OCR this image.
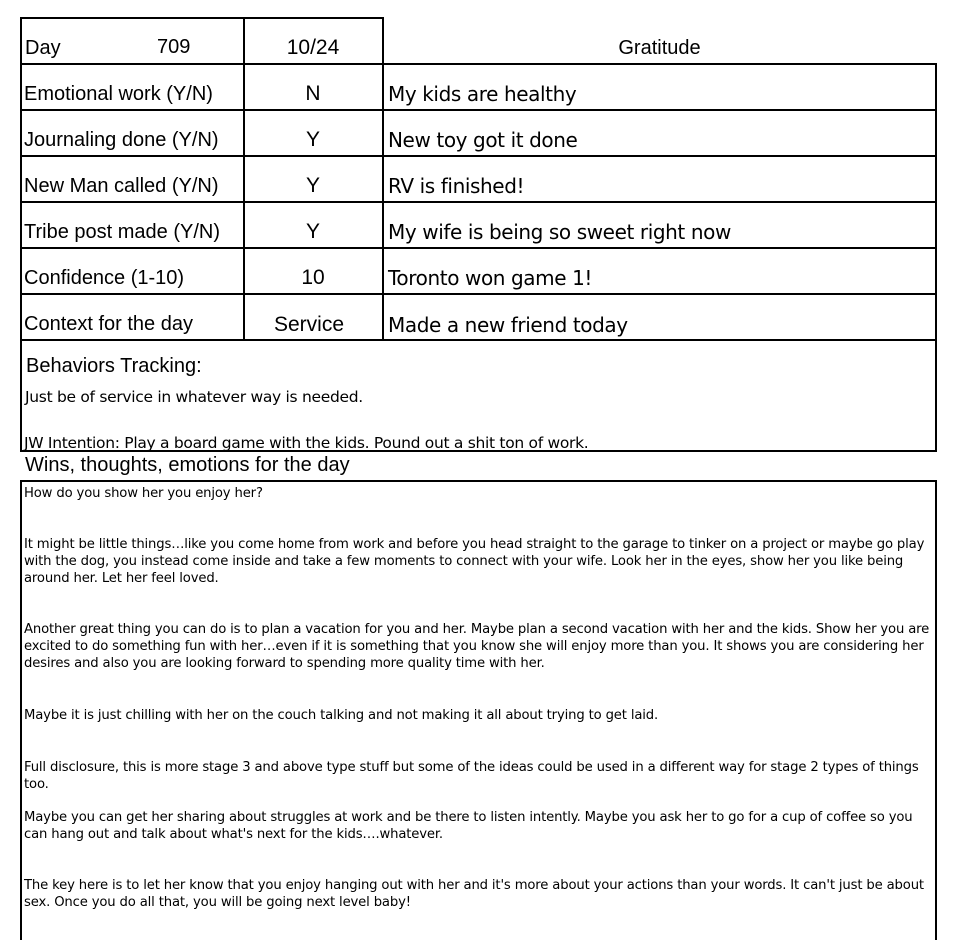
Day	709	10/24	Gratitude
Emotional work (Y/N)	N	My kids are healthy
Journaling done (Y/N)	Y	New toy got it done
New Man called (Y/N)	Y	RV is finished!
Tribe post made (Y/N)	Y	My wife is being so sweet right now
Confidence (1-10)	10	Toronto won game 1!
Context for the day	Service	Made a new friend today
Behaviors Tracking:
Just be of service in whatever way is needed.
JW Intention: Play a board game with the kids. Pound out a shit ton of work.
Wins, thoughts, emotions for the day
How do you show her you enjoy her?
It might be little things…like you come home from work and before you head straight to the garage to tinker on a project or maybe go play with the dog, you instead come inside and take a few moments to connect with your wife. Look her in the eyes, show her you like being around her. Let her feel loved.
Another great thing you can do is to plan a vacation for you and her. Maybe plan a second vacation with her and the kids. Show her you are excited to do something fun with her…even if it is something that you know she will enjoy more than you. It shows you are considering her desires and also you are looking forward to spending more quality time with her.
Maybe it is just chilling with her on the couch talking and not making it all about trying to get laid.
Full disclosure, this is more stage 3 and above type stuff but some of the ideas could be used in a different way for stage 2 types of things too.
Maybe you can get her sharing about struggles at work and be there to listen intently. Maybe you ask her to go for a cup of coffee so you can hang out and talk about what's next for the kids….whatever.
The key here is to let her know that you enjoy hanging out with her and it's more about your actions than your words. It can't just be about sex. Once you do all that, you will be going next level baby!
